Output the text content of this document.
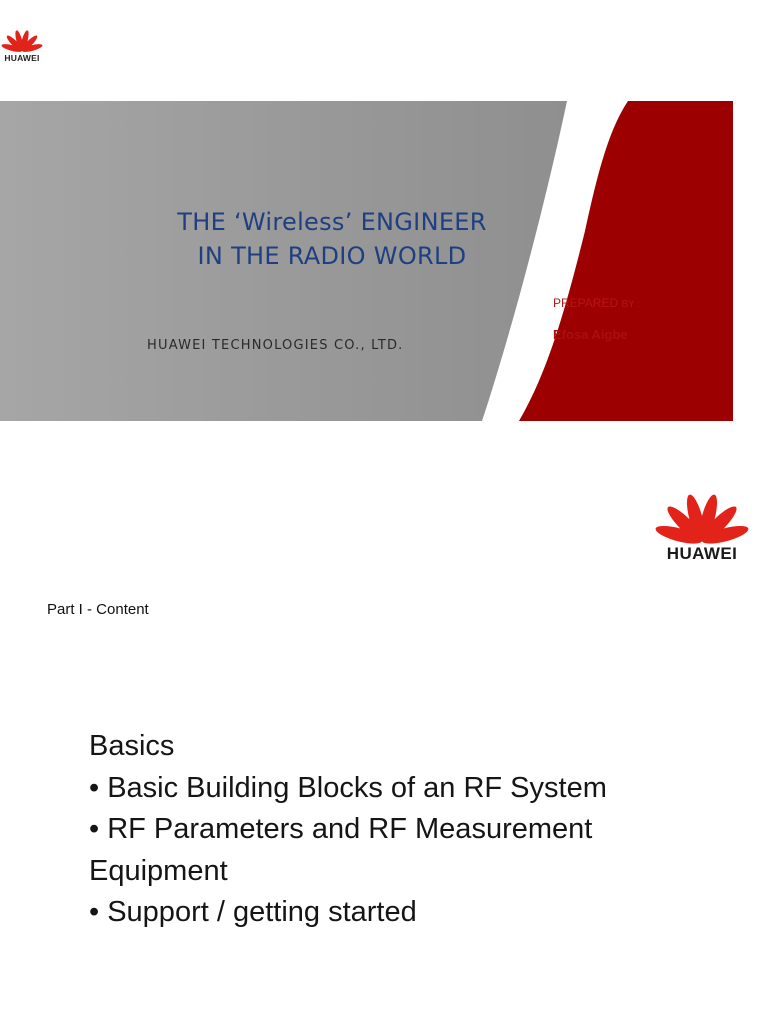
HUAWEI
THE ‘Wireless’ ENGINEER
IN THE RADIO WORLD
HUAWEI TECHNOLOGIES CO., LTD.
PREPARED BY :
Efosa Aigbe
HUAWEI
Part I - Content
Basics
• Basic Building Blocks of an RF System
• RF Parameters and RF Measurement
Equipment
• Support / getting started
